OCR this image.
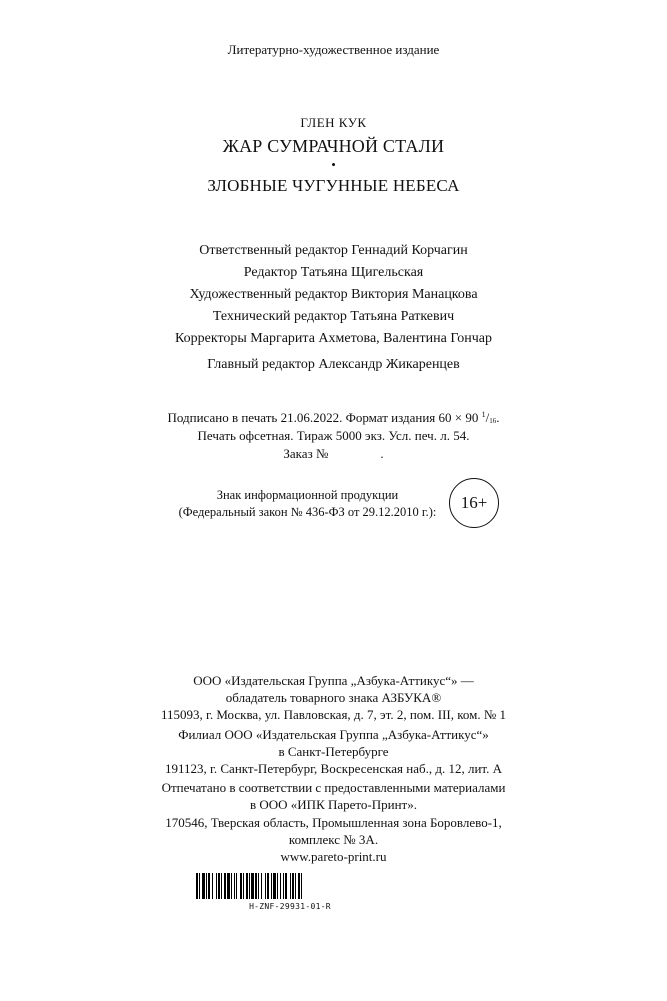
Литературно-художественное издание

ГЛЕН КУК

ЖАР СУМРАЧНОЙ СТАЛИ

•

ЗЛОБНЫЕ ЧУГУННЫЕ НЕБЕСА

Ответственный редактор Геннадий Корчагин

Редактор Татьяна Щигельская

Художественный редактор Виктория Манацкова

Технический редактор Татьяна Раткевич

Корректоры Маргарита Ахметова, Валентина Гончар

Главный редактор Александр Жикаренцев

Подписано в печать 21.06.2022. Формат издания 60 × 90 $^1/_{16}$.

Печать офсетная. Тираж 5000 экз. Усл. печ. л. 54.

Заказ №                .

Знак информационной продукции
(Федеральный закон № 436-ФЗ от 29.12.2010 г.):	16+

ООО «Издательская Группа „Азбука-Аттикус“» —

обладатель товарного знака АЗБУКА®

115093, г. Москва, ул. Павловская, д. 7, эт. 2, пом. III, ком. № 1

Филиал ООО «Издательская Группа „Азбука-Аттикус“»

в Санкт-Петербурге

191123, г. Санкт-Петербург, Воскресенская наб., д. 12, лит. А

Отпечатано в соответствии с предоставленными материалами

в ООО «ИПК Парето-Принт».

170546, Тверская область, Промышленная зона Боровлево-1,

комплекс № 3А.

www.pareto-print.ru

H-ZNF-29931-01-R
